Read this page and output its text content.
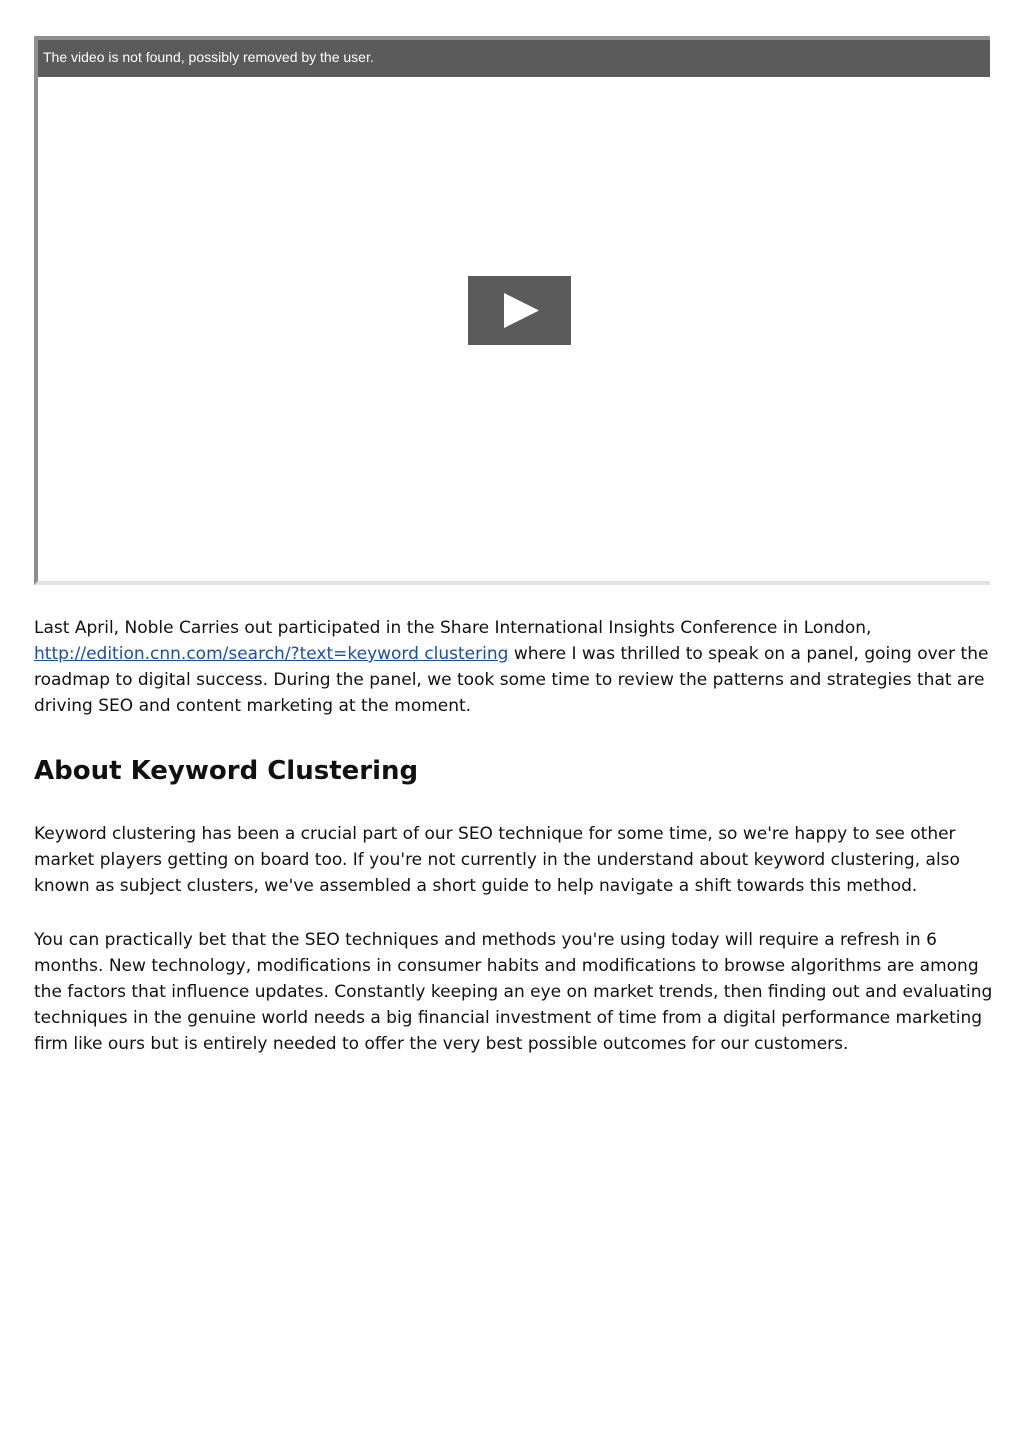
The video is not found, possibly removed by the user.

Last April, Noble Carries out participated in the Share International Insights Conference in London, http://edition.cnn.com/search/?text=keyword clustering where I was thrilled to speak on a panel, going over the roadmap to digital success. During the panel, we took some time to review the patterns and strategies that are driving SEO and content marketing at the moment.

About Keyword Clustering

Keyword clustering has been a crucial part of our SEO technique for some time, so we're happy to see other market players getting on board too. If you're not currently in the understand about keyword clustering, also known as subject clusters, we've assembled a short guide to help navigate a shift towards this method.

You can practically bet that the SEO techniques and methods you're using today will require a refresh in 6 months. New technology, modifications in consumer habits and modifications to browse algorithms are among the factors that influence updates. Constantly keeping an eye on market trends, then finding out and evaluating techniques in the genuine world needs a big financial investment of time from a digital performance marketing firm like ours but is entirely needed to offer the very best possible outcomes for our customers.
